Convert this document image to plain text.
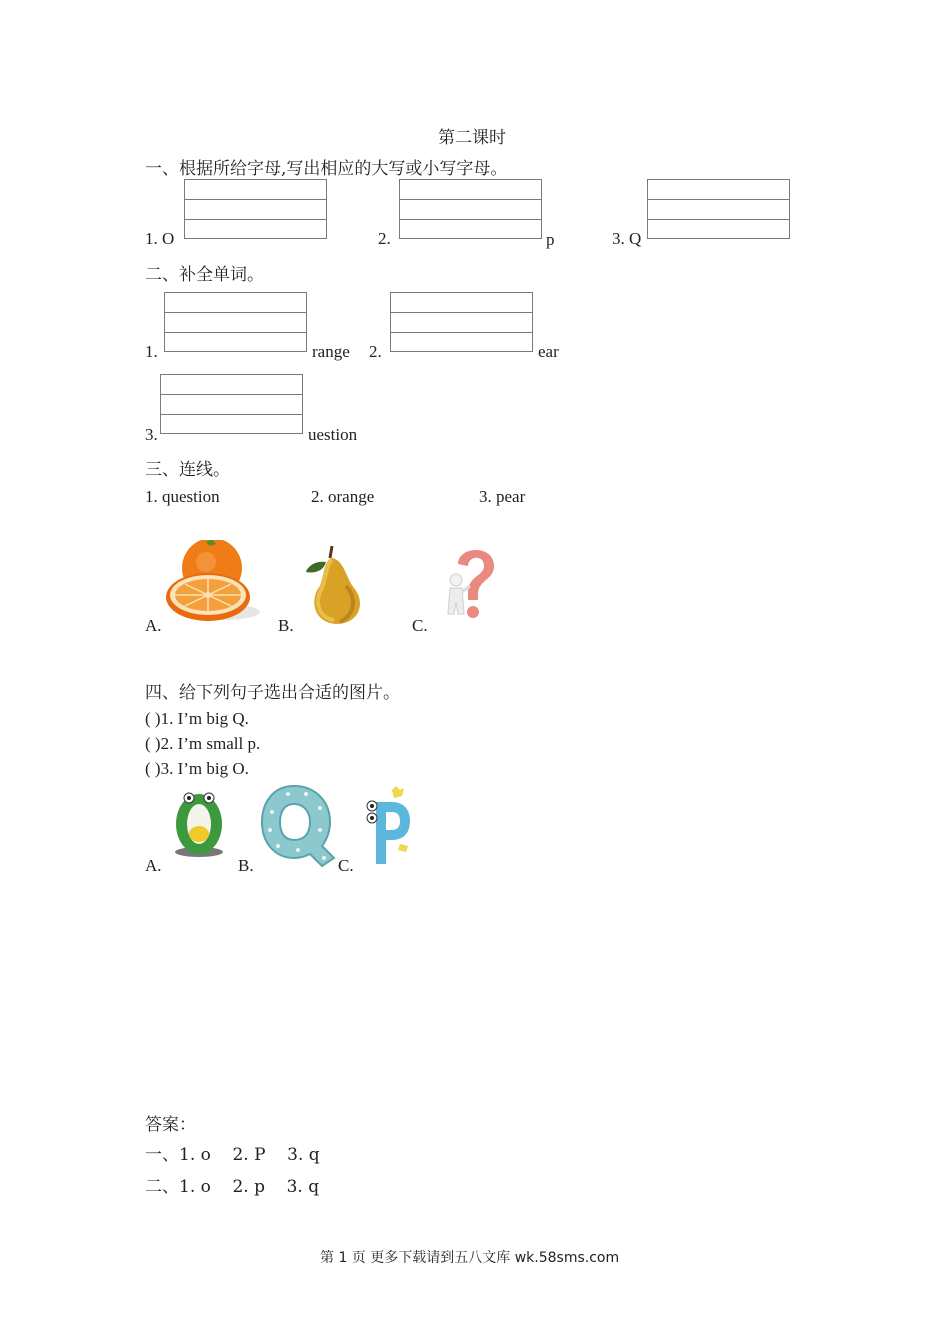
第二课时
一、根据所给字母,写出相应的大写或小写字母。
1. O	2.	p	3. Q
二、补全单词。
1.	range 2.	ear
3.	uestion
三、连线。
1. question	2. orange	3. pear
A.	B.	C.
四、给下列句子选出合适的图片。
( )1. I’m big Q.
( )2. I’m small p.
( )3. I’m big O.
A.	B.	C.
答案：
一、1. o    2. P    3. q
二、1. o    2. p    3. q
第 1 页 更多下载请到五八文库 wk.58sms.com
